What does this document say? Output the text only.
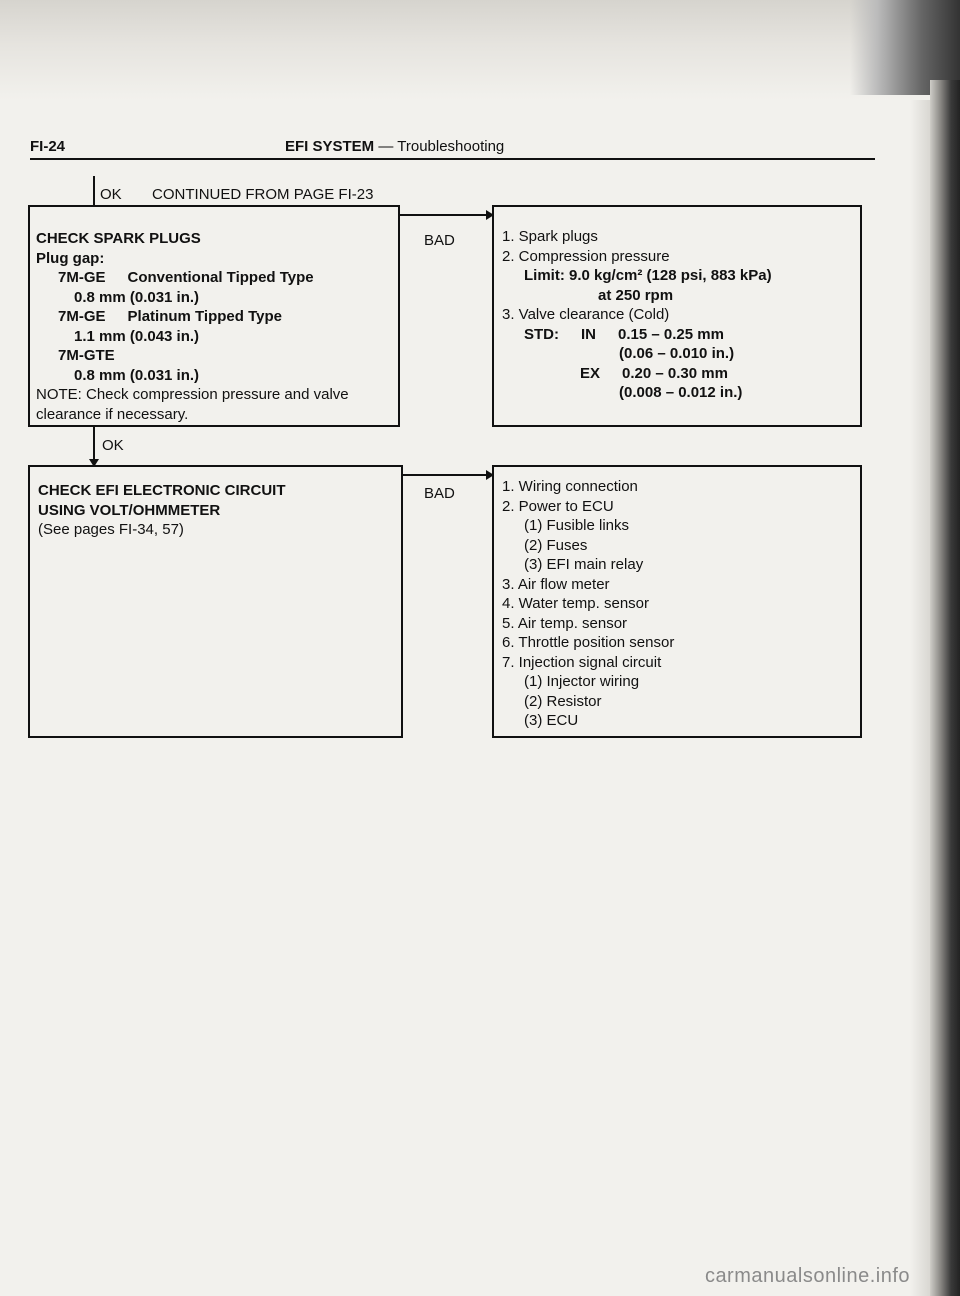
FI-24	EFI SYSTEM — Troubleshooting
OK CONTINUED FROM PAGE FI-23
CHECK SPARK PLUGS
Plug gap:
7M-GE Conventional Tipped Type
0.8 mm (0.031 in.)
7M-GE Platinum Tipped Type
1.1 mm (0.043 in.)
7M-GTE
0.8 mm (0.031 in.)
NOTE: Check compression pressure and valve clearance if necessary.
BAD	1. Spark plugs
2. Compression pressure
Limit: 9.0 kg/cm² (128 psi, 883 kPa)
at 250 rpm
3. Valve clearance (Cold)
STD: IN 0.15 – 0.25 mm
(0.06 – 0.010 in.)
EX 0.20 – 0.30 mm
(0.008 – 0.012 in.)
OK
CHECK EFI ELECTRONIC CIRCUIT
USING VOLT/OHMMETER
(See pages FI-34, 57)
BAD	1. Wiring connection
2. Power to ECU
(1) Fusible links
(2) Fuses
(3) EFI main relay
3. Air flow meter
4. Water temp. sensor
5. Air temp. sensor
6. Throttle position sensor
7. Injection signal circuit
(1) Injector wiring
(2) Resistor
(3) ECU
carmanualsonline.info
